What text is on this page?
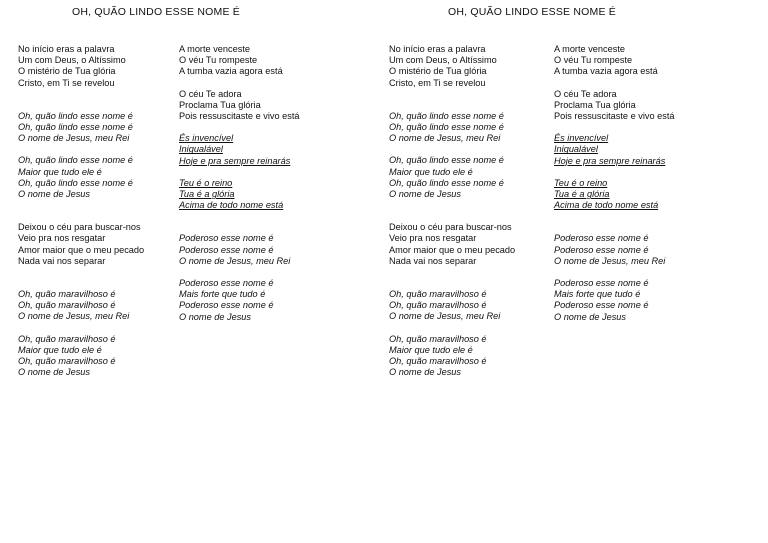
OH, QUÃO LINDO ESSE NOME É
No início eras a palavra
Um com Deus, o Altíssimo
O mistério de Tua glória
Cristo, em Ti se revelou
Oh, quão lindo esse nome é
Oh, quão lindo esse nome é
O nome de Jesus, meu Rei
Oh, quão lindo esse nome é
Maior que tudo ele é
Oh, quão lindo esse nome é
O nome de Jesus
Deixou o céu para buscar-nos
Veio pra nos resgatar
Amor maior que o meu pecado
Nada vai nos separar
Oh, quão maravilhoso é
Oh, quão maravilhoso é
O nome de Jesus, meu Rei
Oh, quão maravilhoso é
Maior que tudo ele é
Oh, quão maravilhoso é
O nome de Jesus
A morte venceste
O véu Tu rompeste
A tumba vazia agora está
O céu Te adora
Proclama Tua glória
Pois ressuscitaste e vivo está
És invencível
Inigualável
Hoje e pra sempre reinarás
Teu é o reino
Tua é a glória
Acima de todo nome está
Poderoso esse nome é
Poderoso esse nome é
O nome de Jesus, meu Rei
Poderoso esse nome é
Mais forte que tudo é
Poderoso esse nome é
O nome de Jesus
OH, QUÃO LINDO ESSE NOME É
No início eras a palavra
Um com Deus, o Altíssimo
O mistério de Tua glória
Cristo, em Ti se revelou
Oh, quão lindo esse nome é
Oh, quão lindo esse nome é
O nome de Jesus, meu Rei
Oh, quão lindo esse nome é
Maior que tudo ele é
Oh, quão lindo esse nome é
O nome de Jesus
Deixou o céu para buscar-nos
Veio pra nos resgatar
Amor maior que o meu pecado
Nada vai nos separar
Oh, quão maravilhoso é
Oh, quão maravilhoso é
O nome de Jesus, meu Rei
Oh, quão maravilhoso é
Maior que tudo ele é
Oh, quão maravilhoso é
O nome de Jesus
A morte venceste
O véu Tu rompeste
A tumba vazia agora está
O céu Te adora
Proclama Tua glória
Pois ressuscitaste e vivo está
És invencível
Inigualável
Hoje e pra sempre reinarás
Teu é o reino
Tua é a glória
Acima de todo nome está
Poderoso esse nome é
Poderoso esse nome é
O nome de Jesus, meu Rei
Poderoso esse nome é
Mais forte que tudo é
Poderoso esse nome é
O nome de Jesus
